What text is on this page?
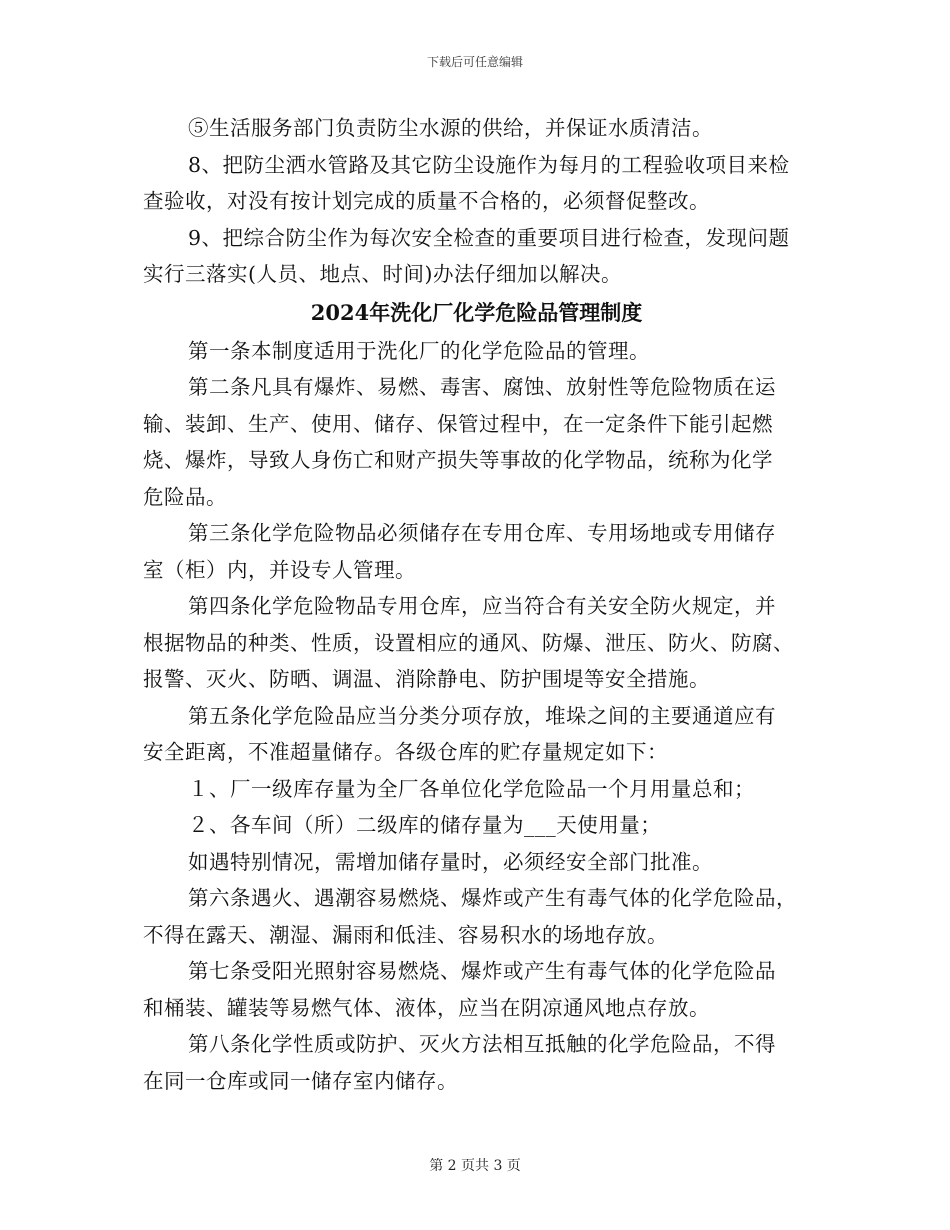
下载后可任意编辑
⑤生活服务部门负责防尘水源的供给，并保证水质清洁。
8、把防尘洒水管路及其它防尘设施作为每月的工程验收项目来检
查验收，对没有按计划完成的质量不合格的，必须督促整改。
9、把综合防尘作为每次安全检查的重要项目进行检查，发现问题
实行三落实(人员、地点、时间)办法仔细加以解决。
2024年洗化厂化学危险品管理制度
第一条本制度适用于洗化厂的化学危险品的管理。
第二条凡具有爆炸、易燃、毒害、腐蚀、放射性等危险物质在运
输、装卸、生产、使用、储存、保管过程中，在一定条件下能引起燃
烧、爆炸，导致人身伤亡和财产损失等事故的化学物品，统称为化学
危险品。
第三条化学危险物品必须储存在专用仓库、专用场地或专用储存
室（柜）内，并设专人管理。
第四条化学危险物品专用仓库，应当符合有关安全防火规定，并
根据物品的种类、性质，设置相应的通风、防爆、泄压、防火、防腐、
报警、灭火、防晒、调温、消除静电、防护围堤等安全措施。
第五条化学危险品应当分类分项存放，堆垛之间的主要通道应有
安全距离，不准超量储存。各级仓库的贮存量规定如下：
１、厂一级库存量为全厂各单位化学危险品一个月用量总和；
２、各车间（所）二级库的储存量为___天使用量；
如遇特别情况，需增加储存量时，必须经安全部门批准。
第六条遇火、遇潮容易燃烧、爆炸或产生有毒气体的化学危险品，
不得在露天、潮湿、漏雨和低洼、容易积水的场地存放。
第七条受阳光照射容易燃烧、爆炸或产生有毒气体的化学危险品
和桶装、罐装等易燃气体、液体，应当在阴凉通风地点存放。
第八条化学性质或防护、灭火方法相互抵触的化学危险品，不得
在同一仓库或同一储存室内储存。
第 2 页共 3 页
